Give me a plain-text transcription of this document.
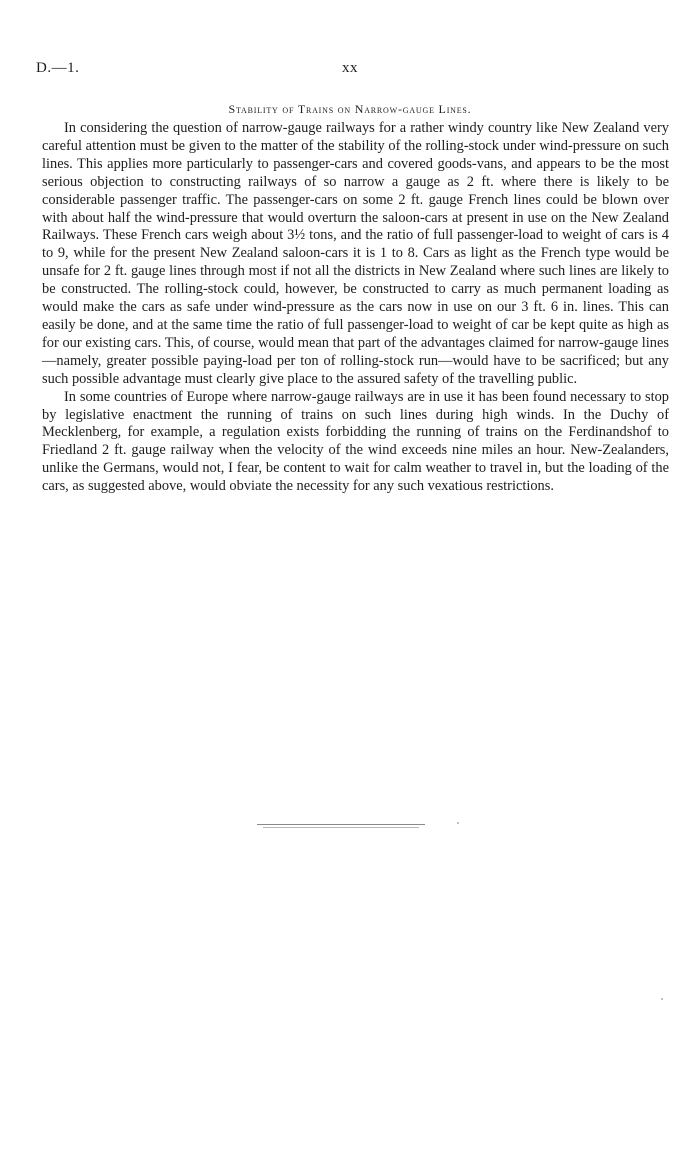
D.—1.	xx
Stability of Trains on Narrow-gauge Lines.

In considering the question of narrow-gauge railways for a rather windy country like New Zealand very careful attention must be given to the matter of the stability of the rolling-stock under wind-pressure on such lines. This applies more particularly to passenger-cars and covered goods-vans, and appears to be the most serious objection to constructing railways of so narrow a gauge as 2 ft. where there is likely to be considerable passenger traffic. The passenger-cars on some 2 ft. gauge French lines could be blown over with about half the wind-pressure that would overturn the saloon-cars at present in use on the New Zealand Railways. These French cars weigh about 3½ tons, and the ratio of full passenger-load to weight of cars is 4 to 9, while for the present New Zealand saloon-cars it is 1 to 8. Cars as light as the French type would be unsafe for 2 ft. gauge lines through most if not all the districts in New Zealand where such lines are likely to be constructed. The rolling-stock could, however, be constructed to carry as much permanent loading as would make the cars as safe under wind-pressure as the cars now in use on our 3 ft. 6 in. lines. This can easily be done, and at the same time the ratio of full passenger-load to weight of car be kept quite as high as for our existing cars. This, of course, would mean that part of the advantages claimed for narrow-gauge lines—namely, greater possible paying-load per ton of rolling-stock run—would have to be sacrificed; but any such possible advantage must clearly give place to the assured safety of the travelling public.

In some countries of Europe where narrow-gauge railways are in use it has been found necessary to stop by legislative enactment the running of trains on such lines during high winds. In the Duchy of Mecklenberg, for example, a regulation exists forbidding the running of trains on the Ferdinandshof to Friedland 2 ft. gauge railway when the velocity of the wind exceeds nine miles an hour. New-Zealanders, unlike the Germans, would not, I fear, be content to wait for calm weather to travel in, but the loading of the cars, as suggested above, would obviate the necessity for any such vexatious restrictions.
